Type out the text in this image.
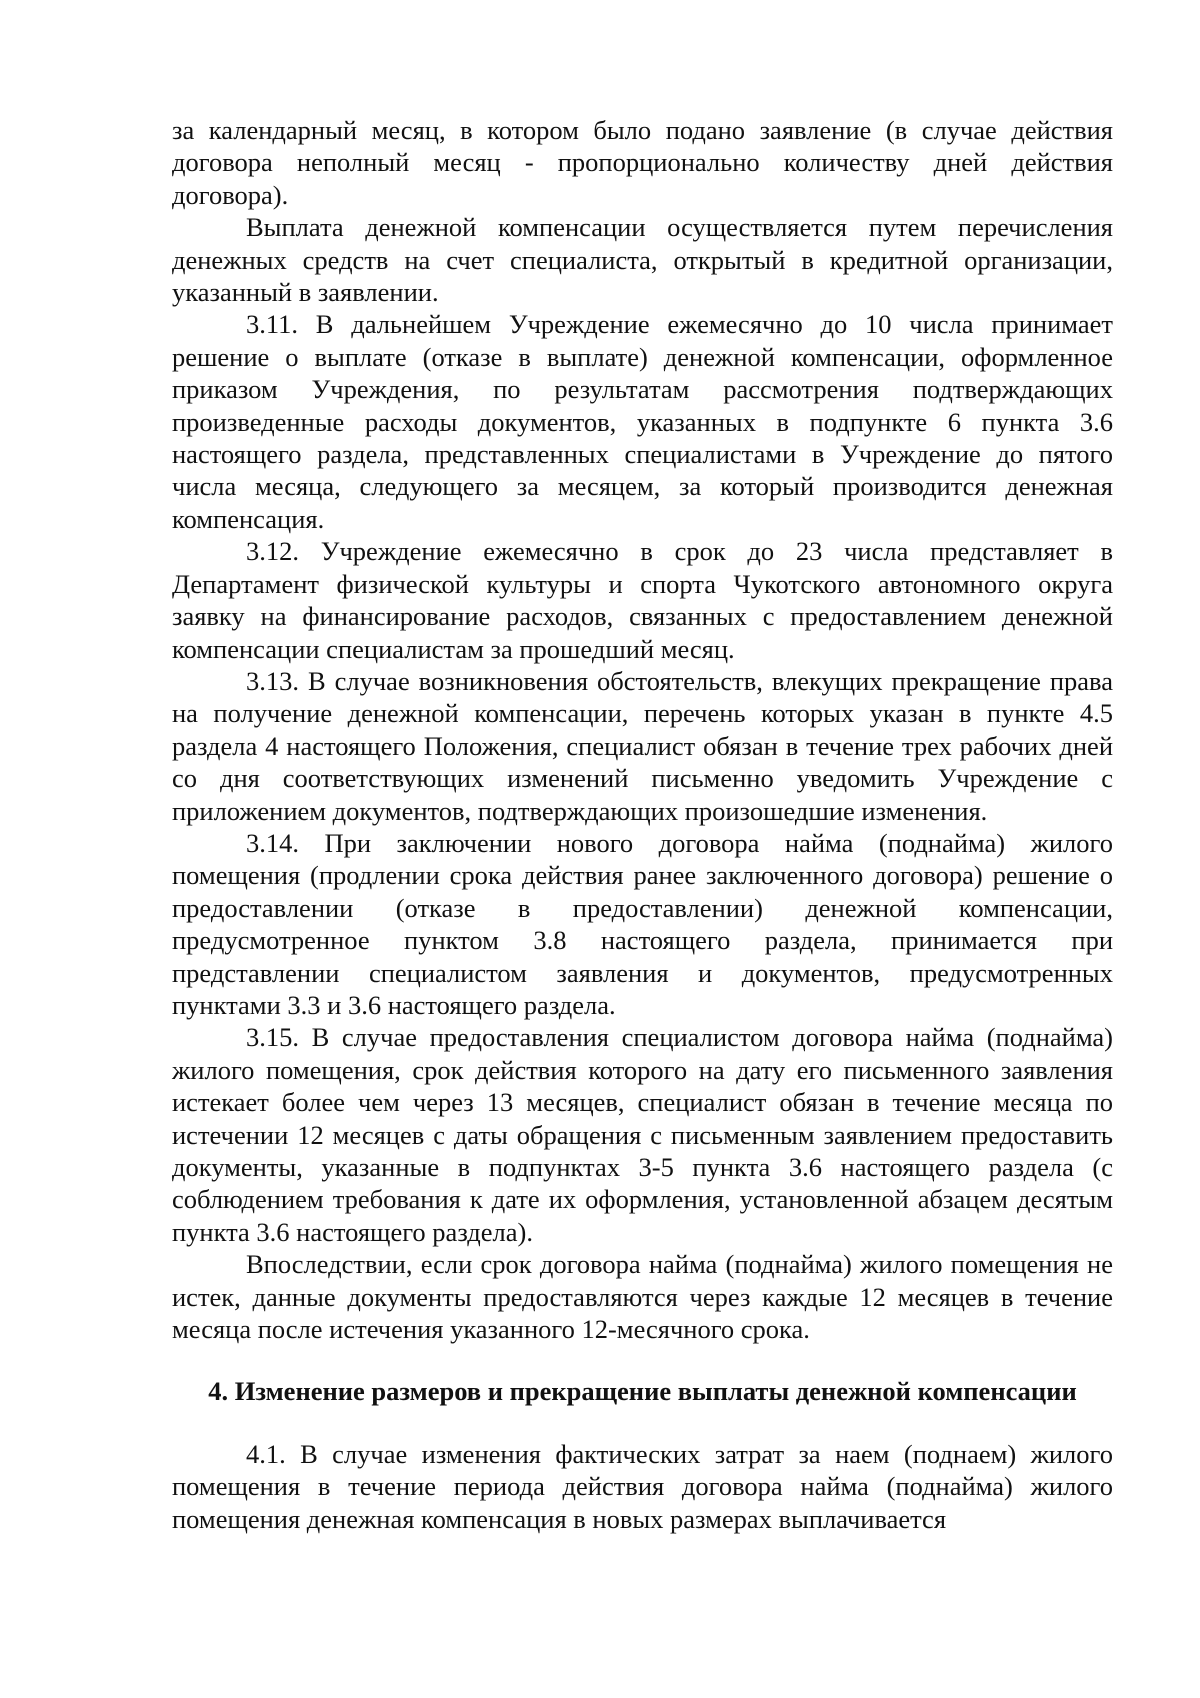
за календарный месяц, в котором было подано заявление (в случае действия договора неполный месяц - пропорционально количеству дней действия договора).

Выплата денежной компенсации осуществляется путем перечисления денежных средств на счет специалиста, открытый в кредитной организации, указанный в заявлении.

3.11. В дальнейшем Учреждение ежемесячно до 10 числа принимает решение о выплате (отказе в выплате) денежной компенсации, оформленное приказом Учреждения, по результатам рассмотрения подтверждающих произведенные расходы документов, указанных в подпункте 6 пункта 3.6 настоящего раздела, представленных специалистами в Учреждение до пятого числа месяца, следующего за месяцем, за который производится денежная компенсация.

3.12. Учреждение ежемесячно в срок до 23 числа представляет в Департамент физической культуры и спорта Чукотского автономного округа заявку на финансирование расходов, связанных с предоставлением денежной компенсации специалистам за прошедший месяц.

3.13. В случае возникновения обстоятельств, влекущих прекращение права на получение денежной компенсации, перечень которых указан в пункте 4.5 раздела 4 настоящего Положения, специалист обязан в течение трех рабочих дней со дня соответствующих изменений письменно уведомить Учреждение с приложением документов, подтверждающих произошедшие изменения.

3.14. При заключении нового договора найма (поднайма) жилого помещения (продлении срока действия ранее заключенного договора) решение о предоставлении (отказе в предоставлении) денежной компенсации, предусмотренное пунктом 3.8 настоящего раздела, принимается при представлении специалистом заявления и документов, предусмотренных пунктами 3.3 и 3.6 настоящего раздела.

3.15. В случае предоставления специалистом договора найма (поднайма) жилого помещения, срок действия которого на дату его письменного заявления истекает более чем через 13 месяцев, специалист обязан в течение месяца по истечении 12 месяцев с даты обращения с письменным заявлением предоставить документы, указанные в подпунктах 3-5 пункта 3.6 настоящего раздела (с соблюдением требования к дате их оформления, установленной абзацем десятым пункта 3.6 настоящего раздела).

Впоследствии, если срок договора найма (поднайма) жилого помещения не истек, данные документы предоставляются через каждые 12 месяцев в течение месяца после истечения указанного 12-месячного срока.

4. Изменение размеров и прекращение выплаты денежной компенсации

4.1. В случае изменения фактических затрат за наем (поднаем) жилого помещения в течение периода действия договора найма (поднайма) жилого помещения денежная компенсация в новых размерах выплачивается
